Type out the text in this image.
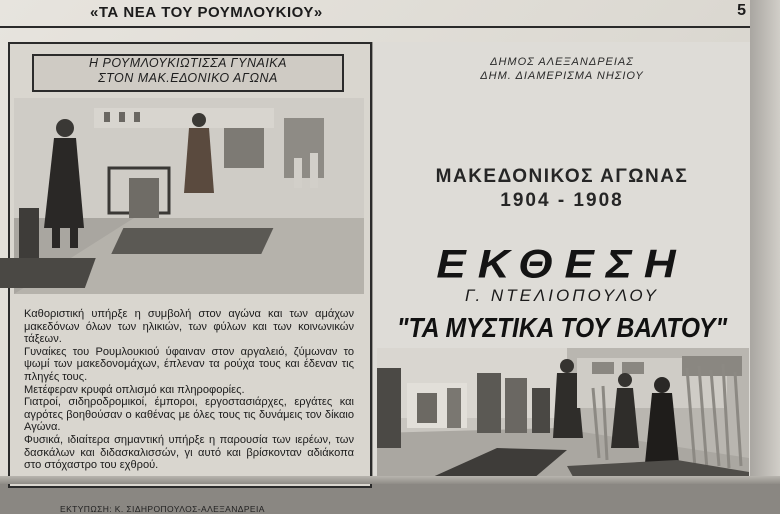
«ΤΑ ΝΕΑ ΤΟΥ ΡΟΥΜΛΟΥΚΙΟΥ»	5
Η ΡΟΥΜΛΟΥΚΙΩΤΙΣΣΑ ΓΥΝΑΙΚΑ
ΣΤΟΝ ΜΑΚ.ΕΔΟΝΙΚΟ ΑΓΩΝΑ

Καθοριστική υπήρξε η συμβολή στον αγώνα και των αμάχων μακεδόνων όλων των ηλικιών, των φύλων και των κοινωνικών τάξεων.

Γυναίκες του Ρουμλουκιού ύφαιναν στον αργαλειό, ζύμωναν το ψωμί των μακεδονομάχων, έπλεναν τα ρούχα τους και έδεναν τις πληγές τους.

Μετέφεραν κρυφά οπλισμό και πληροφορίες.

Γιατροί, σιδηροδρομικοί, έμποροι, εργοστασιάρχες, εργάτες και αγρότες βοηθούσαν ο καθένας με όλες τους τις δυνάμεις τον δίκαιο Αγώνα.

Φυσικά, ιδιαίτερα σημαντική υπήρξε η παρουσία των ιερέων, των δασκάλων και διδασκαλισσών, γι αυτό και βρίσκονταν αδιάκοπα στο στόχαστρο του εχθρού.

ΕΚΤΥΠΩΣΗ: Κ. ΣΙΔΗΡΟΠΟΥΛΟΣ-ΑΛΕΞΑΝΔΡΕΙΑ
ΔΗΜΟΣ ΑΛΕΞΑΝΔΡΕΙΑΣ
ΔΗΜ. ΔΙΑΜΕΡΙΣΜΑ ΝΗΣΙΟΥ
ΜΑΚΕΔΟΝΙΚΟΣ ΑΓΩΝΑΣ
1904 - 1908
ΕΚΘΕΣΗ
Γ. ΝΤΕΛΙΟΠΟΥΛΟΥ
"ΤΑ ΜΥΣΤΙΚΑ ΤΟΥ ΒΑΛΤΟΥ"
